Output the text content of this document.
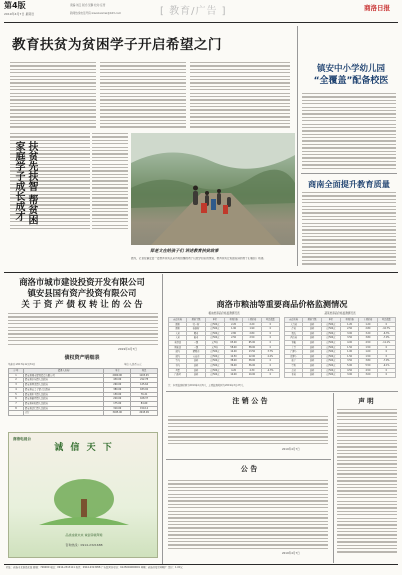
第4版
2019年4月7日 星期日
责编:刘江 版式:吴静 校对:任雪
新闻热线电话号码:xiaoxiaomei@163.com	[ 教育/广告 ]	商洛日报
教育扶贫为贫困学子开启希望之门
扶贫先扶智 帮贫困家庭学子成长成才
郑老文在给孩子们 讲述教育扶贫故事
图为，记者在镇安县一处教育扶贫点采访时拍摄的孩子们放学回家的情景，教育扶贫让贫困家庭的孩子们看到了希望。
镇安中小学幼儿园
“全覆盖”配备校医
商南全面提升教育质量
商洛市城市建设投资开发有限公司
镇安县国有资产投资有限公司
关 于 资 产 债 权 转 让 的 公 告
2019年4月7日
债权资产明细表
基准日:2017年12月31日	单位:人民币万元
序号	债务人名称	本金	利息
1	镇安县城市建设投资有限公司	2000.00	1103.45
2	镇安县永乐镇人民政府	430.00	212.78
3	镇安县回龙镇人民政府	260.00	125.64
4	镇安县云盖寺镇人民政府	380.00	183.92
5	镇安县木王镇人民政府	150.00	76.21
6	镇安县柴坪镇人民政府	220.00	108.37
7	镇安县米粮镇人民政府	175.00	84.60
8	镇安县达仁镇人民政府	310.00	150.12
	合计	3925.00	2045.09
商洛电视台
诚 信 天 下
品质成就未来 诚信铸就辉煌
咨询热线：0914-2321688
商洛市粮油等重要商品价格监测情况
粮油类商品价格监测情况表	蔬菜类商品价格监测情况表
商品名称	规格等级	单位	本期价格	上期价格	环比涨跌
面粉	特一粉	元/500克	2.20	2.20	0
面粉	标准粉	元/500克	1.90	1.90	0
大米	粳米	元/500克	2.80	2.80	0
大米	籼米	元/500克	2.50	2.50	0
菜籽油	一级	元/5升	65.00	65.00	0
调和油	一级	元/5升	58.00	58.00	0
猪肉	精瘦肉	元/500克	14.00	13.50	3.7%
猪肉	五花肉	元/500克	12.50	12.00	4.2%
牛肉	新鲜	元/500克	38.00	38.00	0
羊肉	新鲜	元/500克	36.00	36.00	0
鸡蛋	新鲜	元/500克	4.20	4.30	-2.3%
白条鸡	新鲜	元/500克	10.00	10.00	0
商品名称	规格等级	单位	本期价格	上期价格	环比涨跌
大白菜	新鲜	元/500克	1.20	1.20	0
芹菜	新鲜	元/500克	2.50	2.80	-10.7%
黄瓜	新鲜	元/500克	3.00	3.20	-6.3%
西红柿	新鲜	元/500克	3.50	3.80	-7.9%
青椒	新鲜	元/500克	4.00	4.50	-11.1%
土豆	新鲜	元/500克	1.50	1.50	0
白萝卜	新鲜	元/500克	1.00	1.00	0
胡萝卜	新鲜	元/500克	1.50	1.50	0
茄子	新鲜	元/500克	3.50	3.80	-7.9%
豆角	新鲜	元/500克	5.00	5.50	-9.1%
蒜苔	新鲜	元/500克	4.50	4.50	0
韭菜	新鲜	元/500克	3.00	3.00	0
注：本期监测时间为2019年4月3日，上期监测时间为2019年3月27日。
注 销 公 告
2019年4月7日
公 告
2019年4月7日
声 明
社址：商洛市北新街北段 邮编：726000 电话：0914-2313111 传真：0914-2313058 广告经营许可证：6125004000001 印刷：商洛日报社印刷厂 定价：1.00元
